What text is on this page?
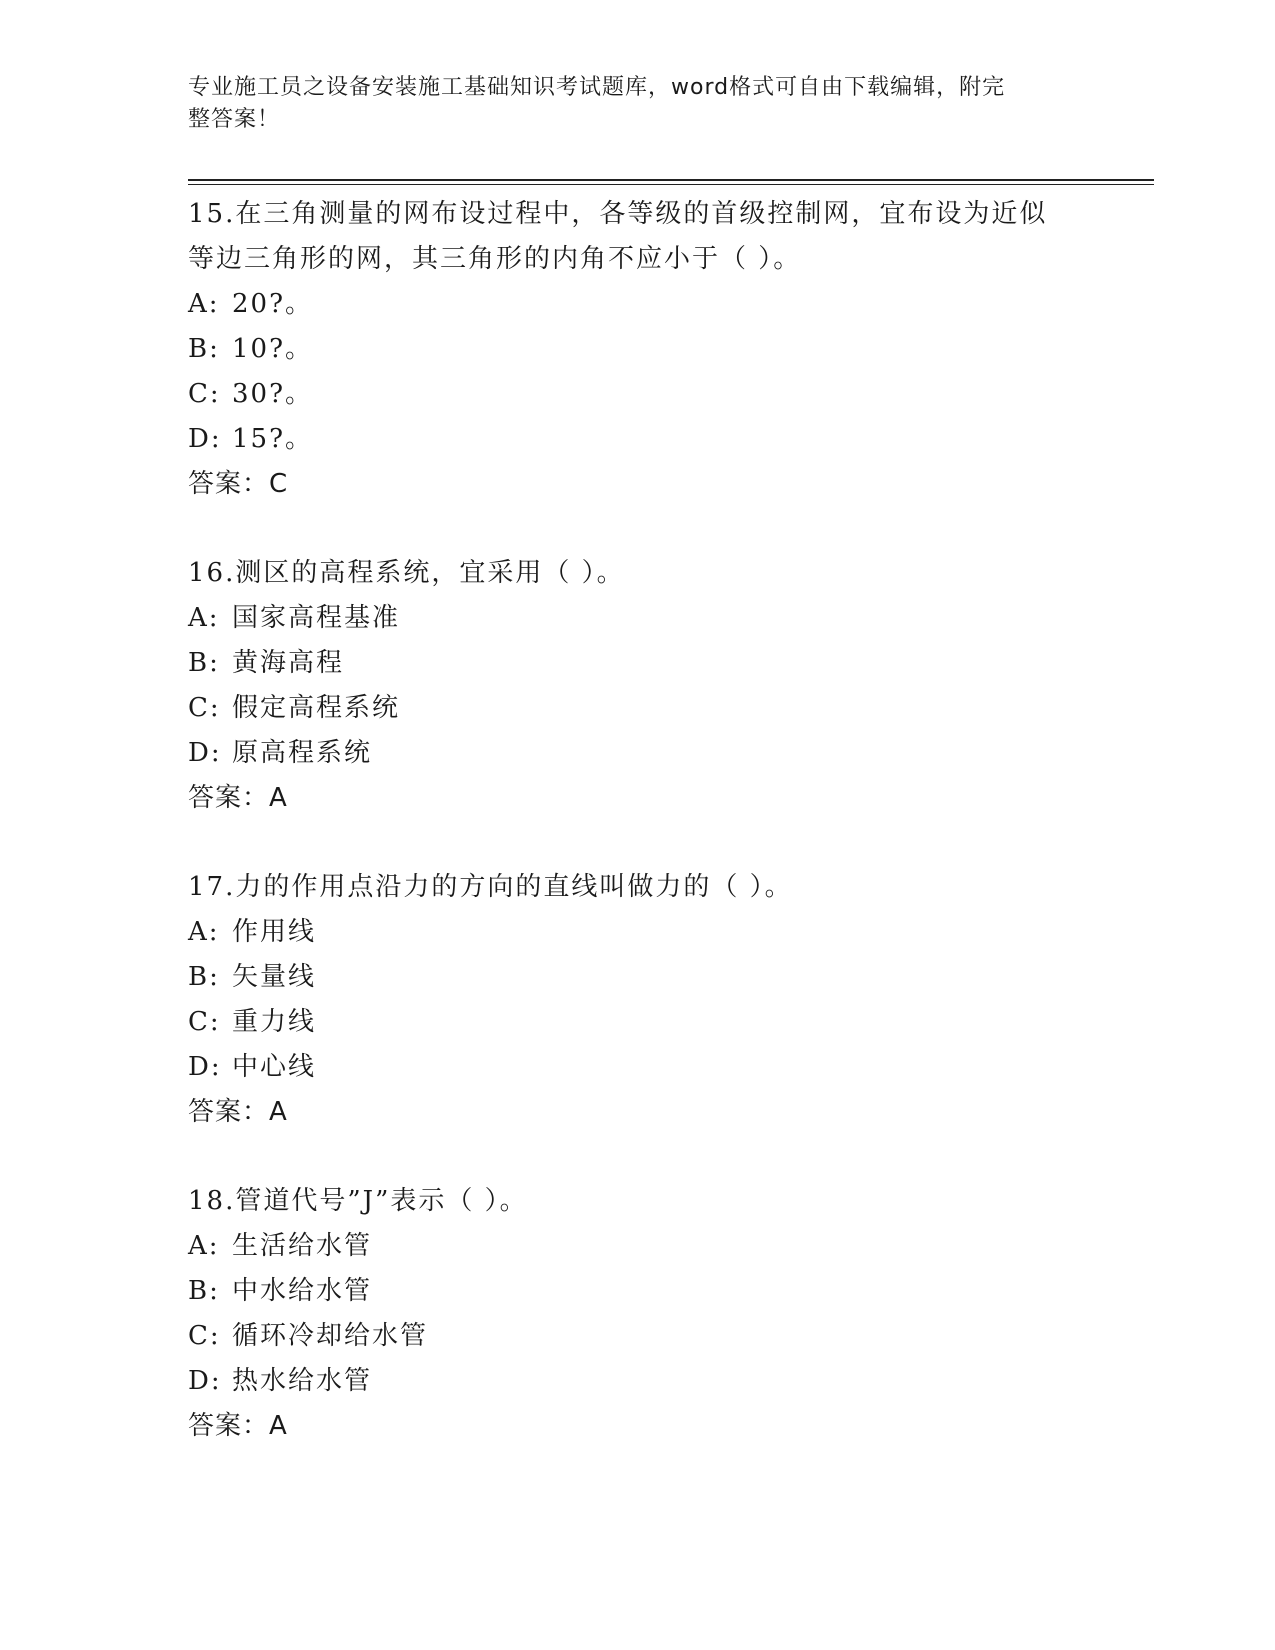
专业施工员之设备安装施工基础知识考试题库，word格式可自由下载编辑，附完
整答案！
15.在三角测量的网布设过程中，各等级的首级控制网，宜布设为近似
等边三角形的网，其三角形的内角不应小于（ ）。
A: 20?。
B: 10?。
C: 30?。
D: 15?。
答案：C
16.测区的高程系统，宜采用（ ）。
A: 国家高程基准
B: 黄海高程
C: 假定高程系统
D: 原高程系统
答案：A
17.力的作用点沿力的方向的直线叫做力的（ ）。
A: 作用线
B: 矢量线
C: 重力线
D: 中心线
答案：A
18.管道代号”J”表示（ ）。
A: 生活给水管
B: 中水给水管
C: 循环冷却给水管
D: 热水给水管
答案：A
